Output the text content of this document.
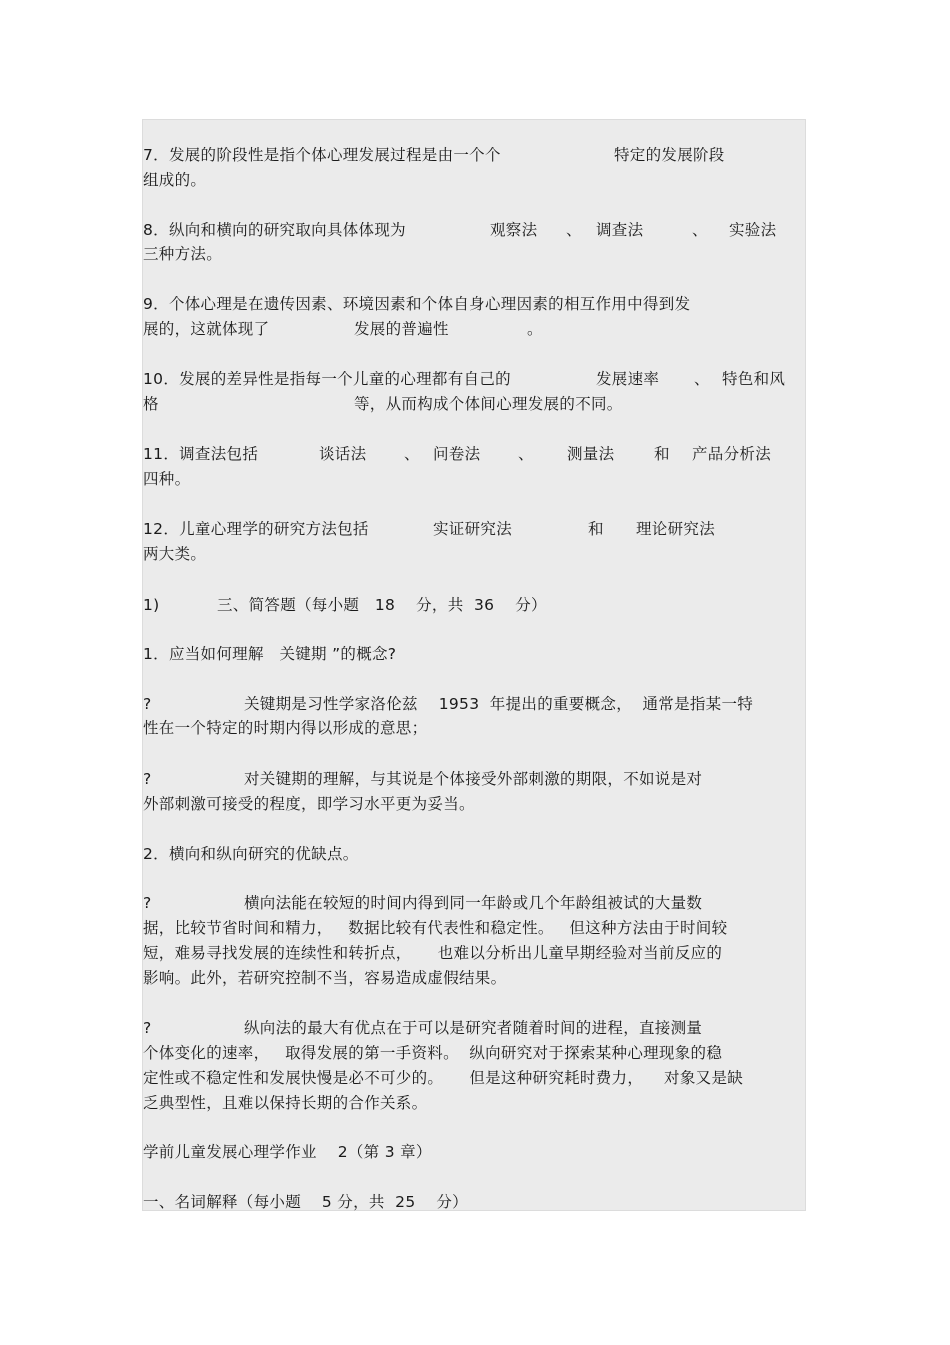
7．发展的阶段性是指个体心理发展过程是由一个个	特定的发展阶段
组成的。
8．纵向和横向的研究取向具体体现为	观察法 、 调查法	、 实验法
三种方法。
9．个体心理是在遗传因素、环境因素和个体自身心理因素的相互作用中得到发
展的，这就体现了	发展的普遍性	。
10．发展的差异性是指每一个儿童的心理都有自己的	发展速率 、 特色和风
格	等，从而构成个体间心理发展的不同。
11．调查法包括	谈话法 、 问卷法 、 测量法	和 产品分析法
四种。
12．儿童心理学的研究方法包括	实证研究法	和 理论研究法
两大类。
1)	三、简答题（每小题   18    分，共  36    分）
1．应当如何理解   关键期 ”的概念?
?	关键期是习性学家洛伦兹    1953  年提出的重要概念，  通常是指某一特
性在一个特定的时期内得以形成的意思；
?	对关键期的理解，与其说是个体接受外部刺激的期限，不如说是对
外部刺激可接受的程度，即学习水平更为妥当。
2．横向和纵向研究的优缺点。
?	横向法能在较短的时间内得到同一年龄或几个年龄组被试的大量数
据，比较节省时间和精力，   数据比较有代表性和稳定性。   但这种方法由于时间较
短，难易寻找发展的连续性和转折点，     也难以分析出儿童早期经验对当前反应的
影响。此外，若研究控制不当，容易造成虚假结果。
?	纵向法的最大有优点在于可以是研究者随着时间的进程，直接测量
个体变化的速率，   取得发展的第一手资料。  纵向研究对于探索某种心理现象的稳
定性或不稳定性和发展快慢是必不可少的。     但是这种研究耗时费力，    对象又是缺
乏典型性，且难以保持长期的合作关系。
学前儿童发展心理学作业    2（第 3 章）
一、名词解释（每小题    5 分，共  25    分）
